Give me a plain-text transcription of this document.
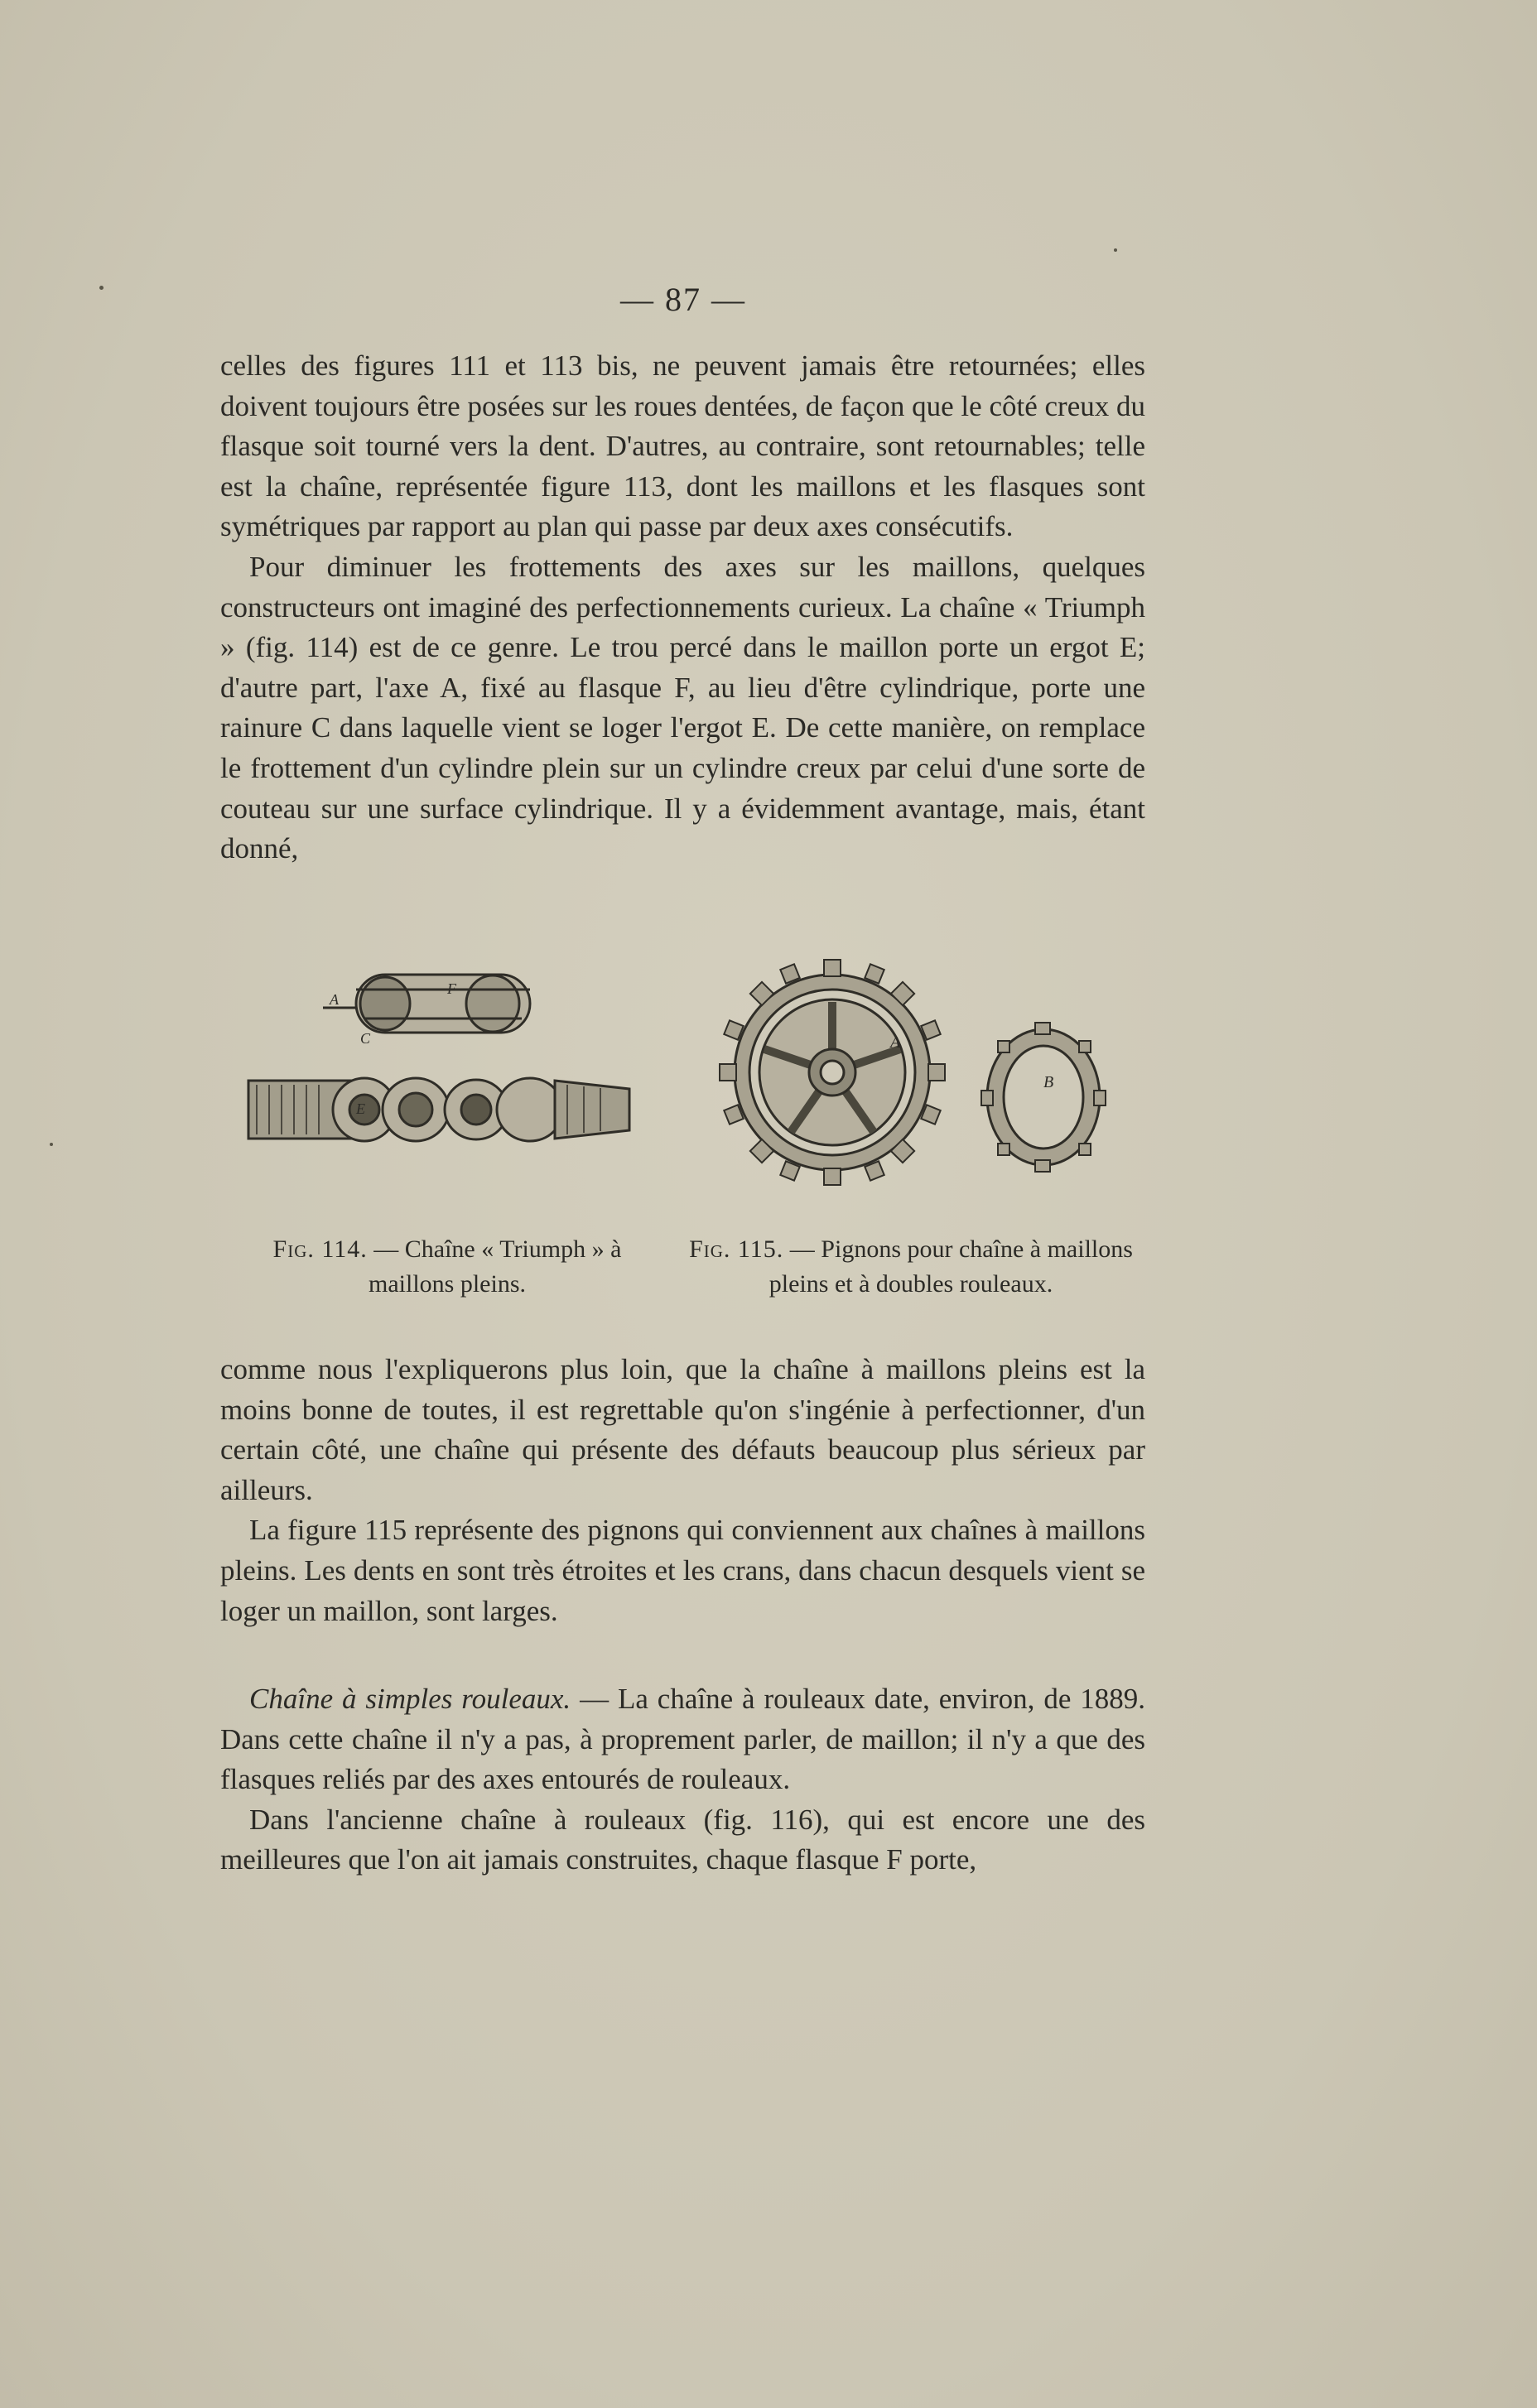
— 87 —

celles des figures 111 et 113 bis, ne peuvent jamais être retournées; elles doivent toujours être posées sur les roues dentées, de façon que le côté creux du flasque soit tourné vers la dent. D'autres, au contraire, sont retournables; telle est la chaîne, représentée figure 113, dont les maillons et les flasques sont symétriques par rapport au plan qui passe par deux axes consécutifs.

Pour diminuer les frottements des axes sur les maillons, quelques constructeurs ont imaginé des perfectionnements curieux. La chaîne « Triumph » (fig. 114) est de ce genre. Le trou percé dans le maillon porte un ergot E; d'autre part, l'axe A, fixé au flasque F, au lieu d'être cylindrique, porte une rainure C dans laquelle vient se loger l'ergot E. De cette manière, on remplace le frottement d'un cylindre plein sur un cylindre creux par celui d'une sorte de couteau sur une surface cylindrique. Il y a évidemment avantage, mais, étant donné,

A
F
C
E
A
B
Fig. 114. — Chaîne « Triumph » à maillons pleins.
Fig. 115. — Pignons pour chaîne à maillons pleins et à doubles rouleaux.

comme nous l'expliquerons plus loin, que la chaîne à maillons pleins est la moins bonne de toutes, il est regrettable qu'on s'ingénie à perfectionner, d'un certain côté, une chaîne qui présente des défauts beaucoup plus sérieux par ailleurs.

La figure 115 représente des pignons qui conviennent aux chaînes à maillons pleins. Les dents en sont très étroites et les crans, dans chacun desquels vient se loger un maillon, sont larges.

Chaîne à simples rouleaux. — La chaîne à rouleaux date, environ, de 1889. Dans cette chaîne il n'y a pas, à proprement parler, de maillon; il n'y a que des flasques reliés par des axes entourés de rouleaux.

Dans l'ancienne chaîne à rouleaux (fig. 116), qui est encore une des meilleures que l'on ait jamais construites, chaque flasque F porte,
